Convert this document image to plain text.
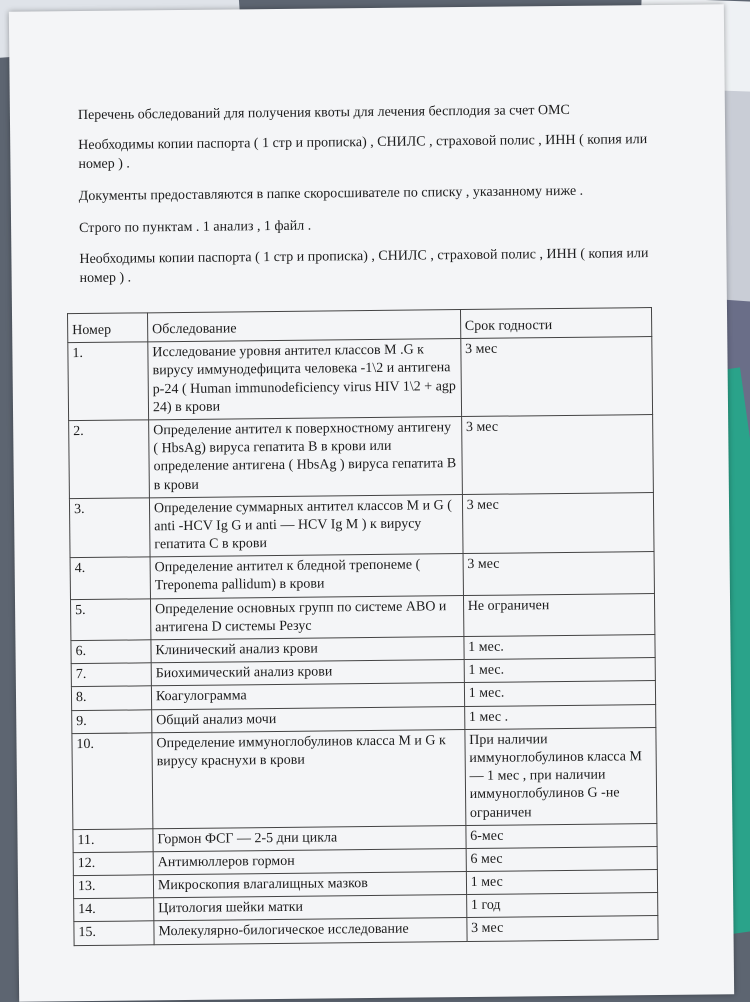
Перечень обследований для получения квоты для лечения бесплодия за счет ОМС

Необходимы копии паспорта ( 1 стр и прописка) , СНИЛС , страховой полис , ИНН ( копия или номер ) .

Документы предоставляются в папке скоросшивателе по списку , указанному ниже .

Строго по пунктам . 1 анализ , 1 файл .

Необходимы копии паспорта ( 1 стр и прописка) , СНИЛС , страховой полис , ИНН ( копия или номер ) .

Номер	Обследование	Срок годности
1.	Исследование уровня антител классов М .G к вирусу иммунодефицита человека -1\2 и антигена р-24 ( Human immunodeficiency virus HIV 1\2 + agp 24) в крови	3 мес
2.	Определение антител к поверхностному антигену ( HbsAg) вируса гепатита В в крови или определение антигена ( HbsAg ) вируса гепатита В в крови	3 мес
3.	Определение суммарных антител классов М и G ( anti -HCV Ig G и anti — HCV Ig M ) к вирусу гепатита С в крови	3 мес
4.	Определение антител к бледной трепонеме ( Treponema pallidum) в крови	3 мес
5.	Определение основных групп по системе АВО и антигена D системы Резус	Не ограничен
6.	Клинический анализ крови	1 мес.
7.	Биохимический анализ крови	1 мес.
8.	Коагулограмма	1 мес.
9.	Общий анализ мочи	1 мес .
10.	Определение иммуноглобулинов класса М и G к вирусу краснухи в крови	При наличии иммуноглобулинов класса М — 1 мес , при наличии иммуноглобулинов G -не ограничен
11.	Гормон ФСГ — 2-5 дни цикла	6-мес
12.	Антимюллеров гормон	6 мес
13.	Микроскопия влагалищных мазков	1 мес
14.	Цитология шейки матки	1 год
15.	Молекулярно-билогическое исследование	3 мес
